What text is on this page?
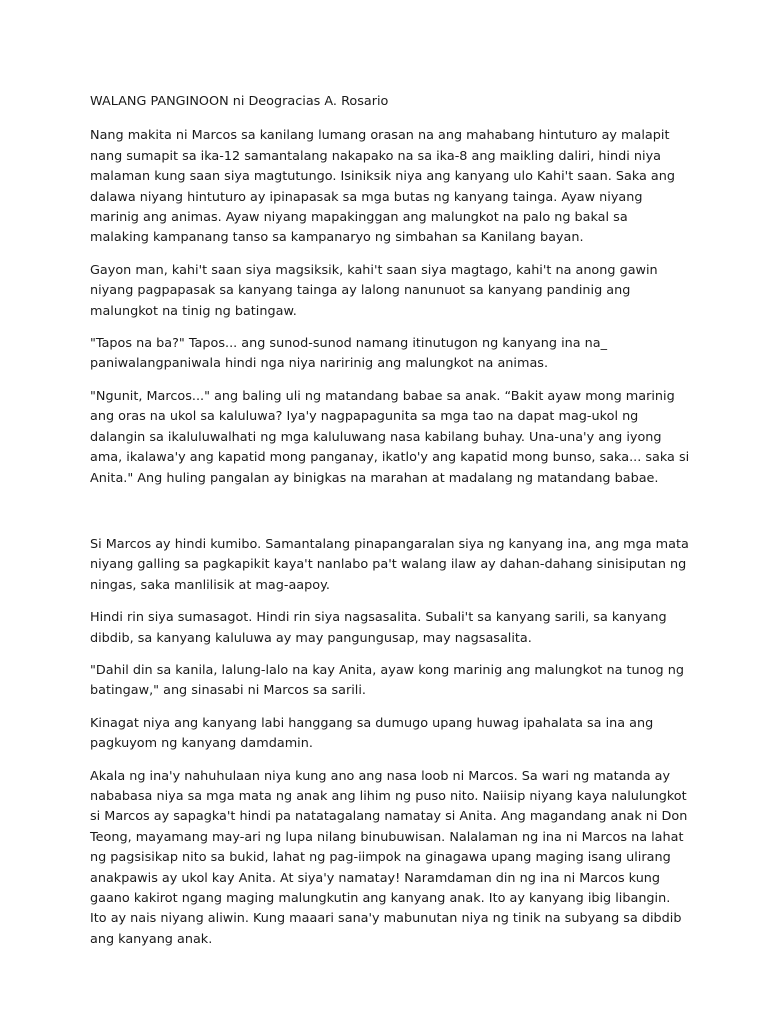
WALANG PANGINOON ni Deogracias A. Rosario

Nang makita ni Marcos sa kanilang lumang orasan na ang mahabang hintuturo ay malapit nang sumapit sa ika-12 samantalang nakapako na sa ika-8 ang maikling daliri, hindi niya malaman kung saan siya magtutungo. Isiniksik niya ang kanyang ulo Kahi't saan. Saka ang dalawa niyang hintuturo ay ipinapasak sa mga butas ng kanyang tainga. Ayaw niyang marinig ang animas. Ayaw niyang mapakinggan ang malungkot na palo ng bakal sa malaking kampanang tanso sa kampanaryo ng simbahan sa Kanilang bayan.

Gayon man, kahi't saan siya magsiksik, kahi't saan siya magtago, kahi't na anong gawin niyang pagpapasak sa kanyang tainga ay lalong nanunuot sa kanyang pandinig ang malungkot na tinig ng batingaw.

"Tapos na ba?" Tapos... ang sunod-sunod namang itinutugon ng kanyang ina na_ paniwalangpaniwala hindi nga niya naririnig ang malungkot na animas.

"Ngunit, Marcos..." ang baling uli ng matandang babae sa anak. “Bakit ayaw mong marinig ang oras na ukol sa kaluluwa? Iya'y nagpapagunita sa mga tao na dapat mag-ukol ng dalangin sa ikaluluwalhati ng mga kaluluwang nasa kabilang buhay. Una-una'y ang iyong ama, ikalawa'y ang kapatid mong panganay, ikatlo'y ang kapatid mong bunso, saka... saka si Anita." Ang huling pangalan ay binigkas na marahan at madalang ng matandang babae.

Si Marcos ay hindi kumibo. Samantalang pinapangaralan siya ng kanyang ina, ang mga mata niyang galling sa pagkapikit kaya't nanlabo pa't walang ilaw ay dahan-dahang sinisiputan ng ningas, saka manlilisik at mag-aapoy.

Hindi rin siya sumasagot. Hindi rin siya nagsasalita. Subali't sa kanyang sarili, sa kanyang dibdib, sa kanyang kaluluwa ay may pangungusap, may nagsasalita.

"Dahil din sa kanila, lalung-lalo na kay Anita, ayaw kong marinig ang malungkot na tunog ng batingaw," ang sinasabi ni Marcos sa sarili.

Kinagat niya ang kanyang labi hanggang sa dumugo upang huwag ipahalata sa ina ang pagkuyom ng kanyang damdamin.

Akala ng ina'y nahuhulaan niya kung ano ang nasa loob ni Marcos. Sa wari ng matanda ay nababasa niya sa mga mata ng anak ang lihim ng puso nito. Naiisip niyang kaya nalulungkot si Marcos ay sapagka't hindi pa natatagalang namatay si Anita. Ang magandang anak ni Don Teong, mayamang may-ari ng lupa nilang binubuwisan. Nalalaman ng ina ni Marcos na lahat ng pagsisikap nito sa bukid, lahat ng pag-iimpok na ginagawa upang maging isang ulirang anakpawis ay ukol kay Anita. At siya'y namatay! Naramdaman din ng ina ni Marcos kung gaano kakirot ngang maging malungkutin ang kanyang anak. Ito ay kanyang ibig libangin. Ito ay nais niyang aliwin. Kung maaari sana'y mabunutan niya ng tinik na subyang sa dibdib ang kanyang anak.
